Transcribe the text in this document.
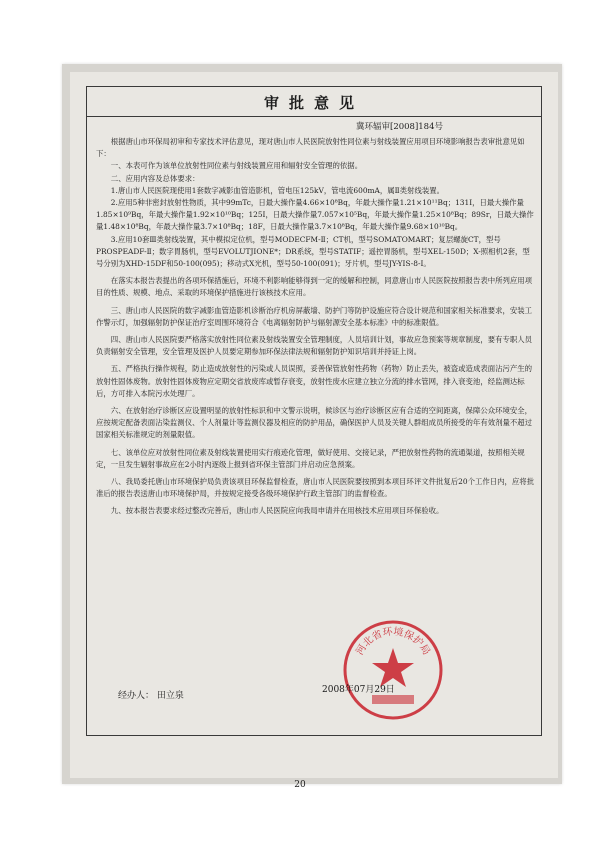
审批意见
冀环辐审[2008]184号

根据唐山市环保局初审和专家技术评估意见，现对唐山市人民医院放射性同位素与射线装置应用项目环境影响报告表审批意见如下：

一、本表可作为该单位放射性同位素与射线装置应用和辐射安全管理的依据。

二、应用内容及总体要求：

1.唐山市人民医院现使用1套数字减影血管造影机，管电压125kV，管电流600mA，属Ⅱ类射线装置。

2.应用5种非密封放射性物质，其中99mTc，日最大操作量4.66×10⁸Bq，年最大操作量1.21×10¹¹Bq；131I，日最大操作量1.85×10⁹Bq，年最大操作量1.92×10¹⁰Bq；125I，日最大操作量7.057×10⁵Bq，年最大操作量1.25×10⁸Bq；89Sr，日最大操作量1.48×10⁸Bq，年最大操作量3.7×10⁸Bq；18F，日最大操作量3.7×10⁸Bq，年最大操作量9.68×10¹⁰Bq。

3.应用10套Ⅲ类射线装置，其中模拟定位机，型号MODECFM-Ⅱ；CT机，型号SOMATOMART；复层螺旋CT，型号PROSPEADF-Ⅱ；数字胃肠机，型号EVOLUTJIONE*；DR系统，型号STATIF；遥控胃肠机，型号XEL-150D；X-照相机2套，型号分别为XHD-15DF和50-100(095)；移动式X光机，型号50-100(091)；牙片机，型号JY-YIS-8-I。

在落实本报告表提出的各项环保措施后，环境不利影响能够得到一定的缓解和控制，同意唐山市人民医院按照报告表中所列应用项目的性质、规模、地点、采取的环境保护措施进行该核技术应用。

三、唐山市人民医院的数字减影血管造影机诊断治疗机房屏蔽墙、防护门等防护设施应符合设计规范和国家相关标准要求，安装工作警示灯，加强辐射防护保证治疗室周围环境符合《电离辐射防护与辐射源安全基本标准》中的标准限值。

四、唐山市人民医院要严格落实放射性同位素及射线装置安全管理制度，人员培训计划，事故应急预案等规章制度，要有专职人员负责辐射安全管理，安全管理及医护人员要定期参加环保法律法规和辐射防护知识培训并持证上岗。

五、严格执行操作规程，防止造成放射性的污染或人员误照，妥善保管放射性药物（药物）防止丢失，被盗或造成表面沾污产生的放射性固体废物。放射性固体废物应定期交省放废库或暂存衰变，放射性废水应建立独立分流的排水管网，排入衰变池，经监测达标后，方可排入本院污水处理厂。

六、在放射治疗诊断区应设置明显的放射性标识和中文警示说明，候诊区与治疗诊断区应有合适的空间距离，保障公众环境安全，应按规定配备表面沾染监测仪、个人剂量计等监测仪器及相应的防护用品，确保医护人员及关键人群组成员所接受的年有效剂量不超过国家相关标准规定的剂量限值。

七、该单位应对放射性同位素及射线装置使用实行痕迹化管理，做好使用、交接记录，严把放射性药物的流通渠道，按照相关规定，一旦发生辐射事故应在2小时内逐级上报到省环保主管部门并启动应急预案。

八、我局委托唐山市环境保护局负责该项目环保监督检查，唐山市人民医院要按照到本项目环评文件批复后20个工作日内，应将批准后的报告表送唐山市环境保护局，并按规定接受各级环境保护行政主管部门的监督检查。

九、按本报告表要求经过整改完善后，唐山市人民医院应向我局申请并在用核技术应用项目环保验收。

河北省环境保护局
经办人： 田立泉
2008年07月29日
2019.04.19 08:44
20
